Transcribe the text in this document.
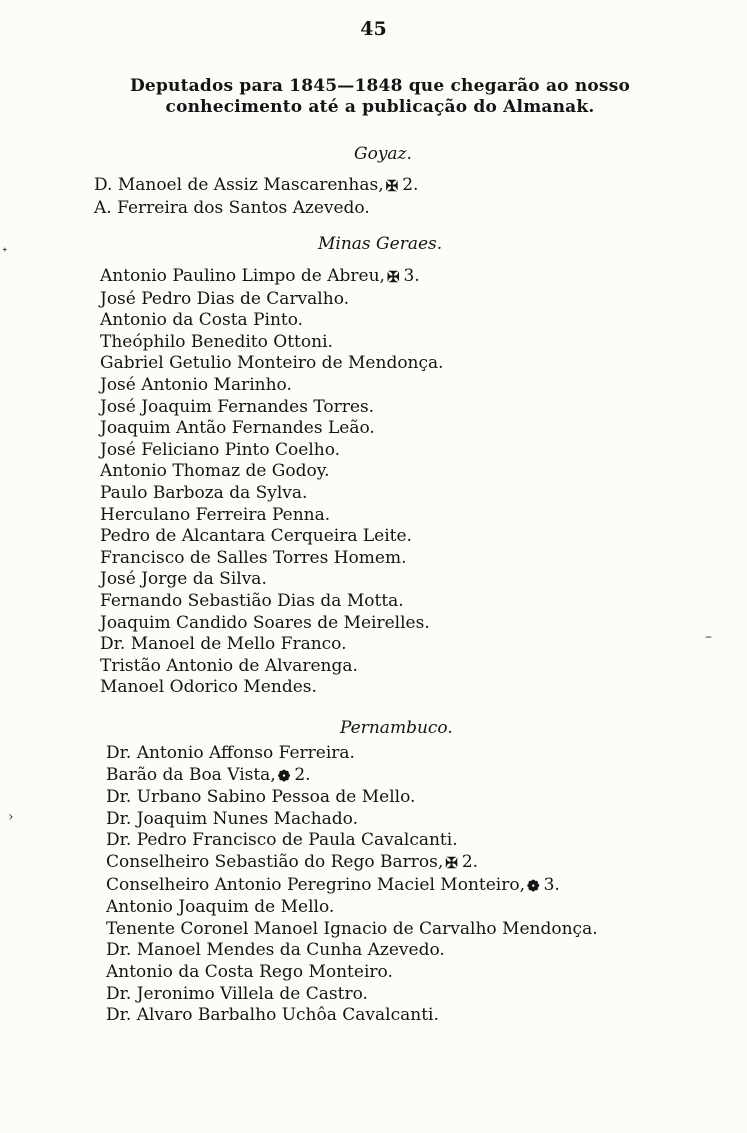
45
Deputados para 1845—1848 que chegarão ao nosso
conhecimento até a publicação do Almanak.
Goyaz.
D. Manoel de Assiz Mascarenhas, ✠ 2.
A. Ferreira dos Santos Azevedo.
Minas Geraes.
Antonio Paulino Limpo de Abreu, ✠ 3.
José Pedro Dias de Carvalho.
Antonio da Costa Pinto.
Theóphilo Benedito Ottoni.
Gabriel Getulio Monteiro de Mendonça.
José Antonio Marinho.
José Joaquim Fernandes Torres.
Joaquim Antão Fernandes Leão.
José Feliciano Pinto Coelho.
Antonio Thomaz de Godoy.
Paulo Barboza da Sylva.
Herculano Ferreira Penna.
Pedro de Alcantara Cerqueira Leite.
Francisco de Salles Torres Homem.
José Jorge da Silva.
Fernando Sebastião Dias da Motta.
Joaquim Candido Soares de Meirelles.
Dr. Manoel de Mello Franco.
Tristão Antonio de Alvarenga.
Manoel Odorico Mendes.
Pernambuco.
Dr. Antonio Affonso Ferreira.
Barão da Boa Vista, ❁ 2.
Dr. Urbano Sabino Pessoa de Mello.
Dr. Joaquim Nunes Machado.
Dr. Pedro Francisco de Paula Cavalcanti.
Conselheiro Sebastião do Rego Barros, ✠ 2.
Conselheiro Antonio Peregrino Maciel Monteiro, ❁ 3.
Antonio Joaquim de Mello.
Tenente Coronel Manoel Ignacio de Carvalho Mendonça.
Dr. Manoel Mendes da Cunha Azevedo.
Antonio da Costa Rego Monteiro.
Dr. Jeronimo Villela de Castro.
Dr. Alvaro Barbalho Uchôa Cavalcanti.
ᐩ
›
–
